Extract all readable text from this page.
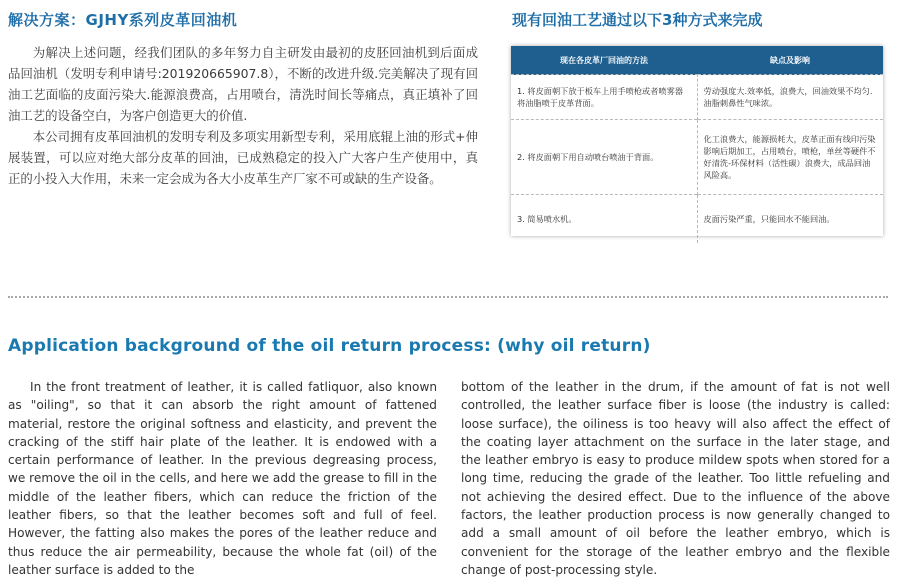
解决方案：GJHY系列皮革回油机

为解决上述问题，经我们团队的多年努力自主研发由最初的皮胚回油机到后面成品回油机（发明专利申请号:201920665907.8），不断的改进升级.完美解决了现有回油工艺面临的皮面污染大.能源浪费高，占用喷台，清洗时间长等痛点，真正填补了回油工艺的设备空白，为客户创造更大的价值.

本公司拥有皮革回油机的发明专利及多项实用新型专利，采用底辊上油的形式+伸展装置，可以应对绝大部分皮革的回油，已成熟稳定的投入广大客户生产使用中，真正的小投入大作用，未来一定会成为各大小皮革生产厂家不可或缺的生产设备。

现有回油工艺通过以下3种方式来完成
现在各皮革厂回油的方法	缺点及影响
1. 将皮面朝下放于板车上用手喷枪或者喷雾器将油脂喷于皮革背面。	劳动强度大.效率低，浪费大，回油效果不均匀.油脂刺鼻性气味浓。
2. 将皮面朝下用自动喷台喷油于背面。	化工浪费大，能源损耗大，皮革正面有线印污染影响后期加工，占用喷台，喷枪，单丝等硬件不好清洗-环保材料（活性碳）浪费大，成品回油风险高。
3. 简易喷水机。	皮面污染严重，只能回水不能回油。
Application background of the oil return process: (why oil return)

In the front treatment of leather, it is called fatliquor, also known as "oiling", so that it can absorb the right amount of fattened material, restore the original softness and elasticity, and prevent the cracking of the stiff hair plate of the leather. It is endowed with a certain performance of leather. In the previous degreasing process, we remove the oil in the cells, and here we add the grease to fill in the middle of the leather fibers, which can reduce the friction of the leather fibers, so that the leather becomes soft and full of feel. However, the fatting also makes the pores of the leather reduce and thus reduce the air permeability, because the whole fat (oil) of the leather surface is added to the

bottom of the leather in the drum, if the amount of fat is not well controlled, the leather surface fiber is loose (the industry is called: loose surface), the oiliness is too heavy will also affect the effect of the coating layer attachment on the surface in the later stage, and the leather embryo is easy to produce mildew spots when stored for a long time, reducing the grade of the leather. Too little refueling and not achieving the desired effect. Due to the influence of the above factors, the leather production process is now generally changed to add a small amount of oil before the leather embryo, which is convenient for the storage of the leather embryo and the flexible change of post-processing style.
